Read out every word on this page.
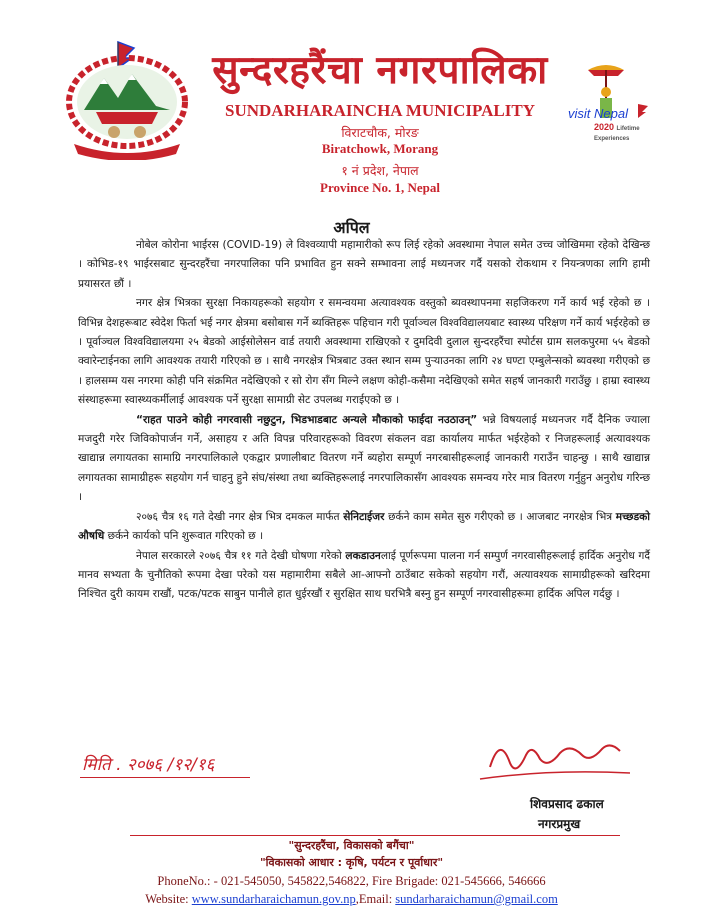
सुन्दरहरैंचा नगरपालिका
SUNDARHARAINCHA MUNICIPALITY
विराटचौक, मोरङ
Biratchowk, Morang
१ नं प्रदेश, नेपाल
Province No. 1, Nepal
visit Nepal
2020 Lifetime Experiences
अपिल

नोबेल कोरोना भाईरस (COVID-19) ले विश्वव्यापी महामारीको रूप लिई रहेको अवस्थामा नेपाल समेत उच्च जोखिममा रहेको देखिन्छ । कोभिड-१९ भाईरसबाट सुन्दरहरैंचा नगरपालिका पनि प्रभावित हुन सक्ने सम्भावना लाई मध्यनजर गर्दै यसको रोकथाम र नियन्त्रणका लागि हामी प्रयासरत छौं ।

नगर क्षेत्र भित्रका सुरक्षा निकायहरूको सहयोग र समन्वयमा अत्यावश्यक वस्तुको ब्यवस्थापनमा सहजिकरण गर्ने कार्य भई रहेको छ । विभिन्न देशहरूबाट स्वेदेश फिर्ता भई नगर क्षेत्रमा बसोबास गर्ने ब्यक्तिहरू पहिचान गरी पूर्वाञ्चल विश्वविद्यालयबाट स्वास्थ्य परिक्षण गर्ने कार्य भईरहेको छ । पूर्वाञ्चल विश्वविद्यालयमा २५ बेडको आईसोलेसन वार्ड तयारी अवस्थामा राखिएको र दुमदिवी दुलाल सुन्दरहरैंचा स्पोर्टस ग्राम सलकपुरमा ५५ बेडको क्वारेन्टाईनका लागि आवश्यक तयारी गरिएको छ । साथै नगरक्षेत्र भित्रबाट उक्त स्थान सम्म पुऱ्याउनका लागि २४ घण्टा एम्बुलेन्सको ब्यवस्था गरीएको छ । हालसम्म यस नगरमा कोही पनि संक्रमित नदेखिएको र सो रोग सँग मिल्ने लक्षण कोही-कसैमा नदेखिएको समेत सहर्ष जानकारी गराउँछु । हाम्रा स्वास्थ्य संस्थाहरूमा स्वास्थ्यकर्मीलाई आवश्यक पर्ने सुरक्षा सामाग्री सेट उपलब्ध गराईएको छ ।

“राहत पाउने कोही नगरवासी नछुटुन, भिडभाडबाट अन्यले मौकाको फाईदा नउठाउन्” भन्ने विषयलाई मध्यनजर गर्दै दैनिक ज्याला मजदुरी गरेर जिविकोपार्जन गर्ने, असाहय र अति विपन्न परिवारहरूको विवरण संकलन वडा कार्यालय मार्फत भईरहेको र निजहरूलाई अत्यावश्यक खाद्यान्न लगायतका सामाग्रि नगरपालिकाले एकद्वार प्रणालीबाट वितरण गर्ने ब्यहोरा सम्पूर्ण नगरबासीहरूलाई जानकारी गराउँन चाहन्छु । साथै खाद्यान्न लगायतका सामाग्रीहरू सहयोग गर्न चाहनु हुने संघ/संस्था तथा ब्यक्तिहरूलाई नगरपालिकासँग आवश्यक समन्वय गरेर मात्र वितरण गर्नुहुन अनुरोध गरिन्छ ।

२०७६ चैत्र १६ गते देखी नगर क्षेत्र भित्र दमकल मार्फत सेनिटाईजर छर्कने काम समेत सुरु गरीएको छ । आजबाट नगरक्षेत्र भित्र मच्छडको औषधि छर्कने कार्यको पनि शुरूवात गरिएको छ ।

नेपाल सरकारले २०७६ चैत्र ११ गते देखी घोषणा गरेको लकडाउनलाई पूर्णरूपमा पालना गर्न सम्पुर्ण नगरवासीहरूलाई हार्दिक अनुरोध गर्दै मानव सभ्यता कै चुनौतिको रूपमा देखा परेको यस महामारीमा सबैले आ-आफ्नो ठाउँबाट सकेको सहयोग गरौं, अत्यावश्यक सामाग्रीहरूको खरिदमा निश्चित दुरी कायम राखौं, पटक/पटक साबुन पानीले हात धुईरखौं र सुरक्षित साथ घरभित्रै बस्नु हुन सम्पूर्ण नगरवासीहरूमा हार्दिक अपिल गर्दछु ।

मिति . २०७६ /१२/१६
शिवप्रसाद ढकाल
नगरप्रमुख
"सुन्दरहरैंचा, विकासको बगैंचा"
"विकासको आधार : कृषि, पर्यटन र पूर्वाधार"
PhoneNo.: - 021-545050, 545822,546822, Fire Brigade: 021-545666, 546666
Website: www.sundarharaichamun.gov.np,Email: sundarharaichamun@gmail.com
